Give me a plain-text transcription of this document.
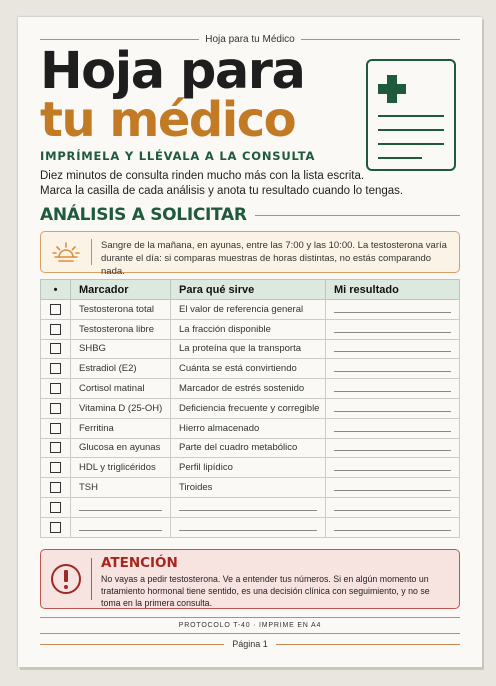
Hoja para tu Médico
Hoja para
tu médico
IMPRÍMELA Y LLÉVALA A LA CONSULTA
Diez minutos de consulta rinden mucho más con la lista escrita.
Marca la casilla de cada análisis y anota tu resultado cuando lo tengas.
ANÁLISIS A SOLICITAR
Sangre de la mañana, en ayunas, entre las 7:00 y las 10:00. La testosterona varía durante el día: si comparas muestras de horas distintas, no estás comparando nada.
•	Marcador	Para qué sirve	Mi resultado
	Testosterona total	El valor de referencia general	

	Testosterona libre	La fracción disponible	

	SHBG	La proteína que la transporta	

	Estradiol (E2)	Cuánta se está convirtiendo	

	Cortisol matinal	Marcador de estrés sostenido	

	Vitamina D (25-OH)	Deficiencia frecuente y corregible	

	Ferritina	Hierro almacenado	

	Glucosa en ayunas	Parte del cuadro metabólico	

	HDL y triglicéridos	Perfil lipídico	

	TSH	Tiroides	

ATENCIÓN
No vayas a pedir testosterona. Ve a entender tus números. Si en algún momento un tratamiento hormonal tiene sentido, es una decisión clínica con seguimiento, y no se toma en la primera consulta.
PROTOCOLO T-40 · IMPRIME EN A4
Página 1
